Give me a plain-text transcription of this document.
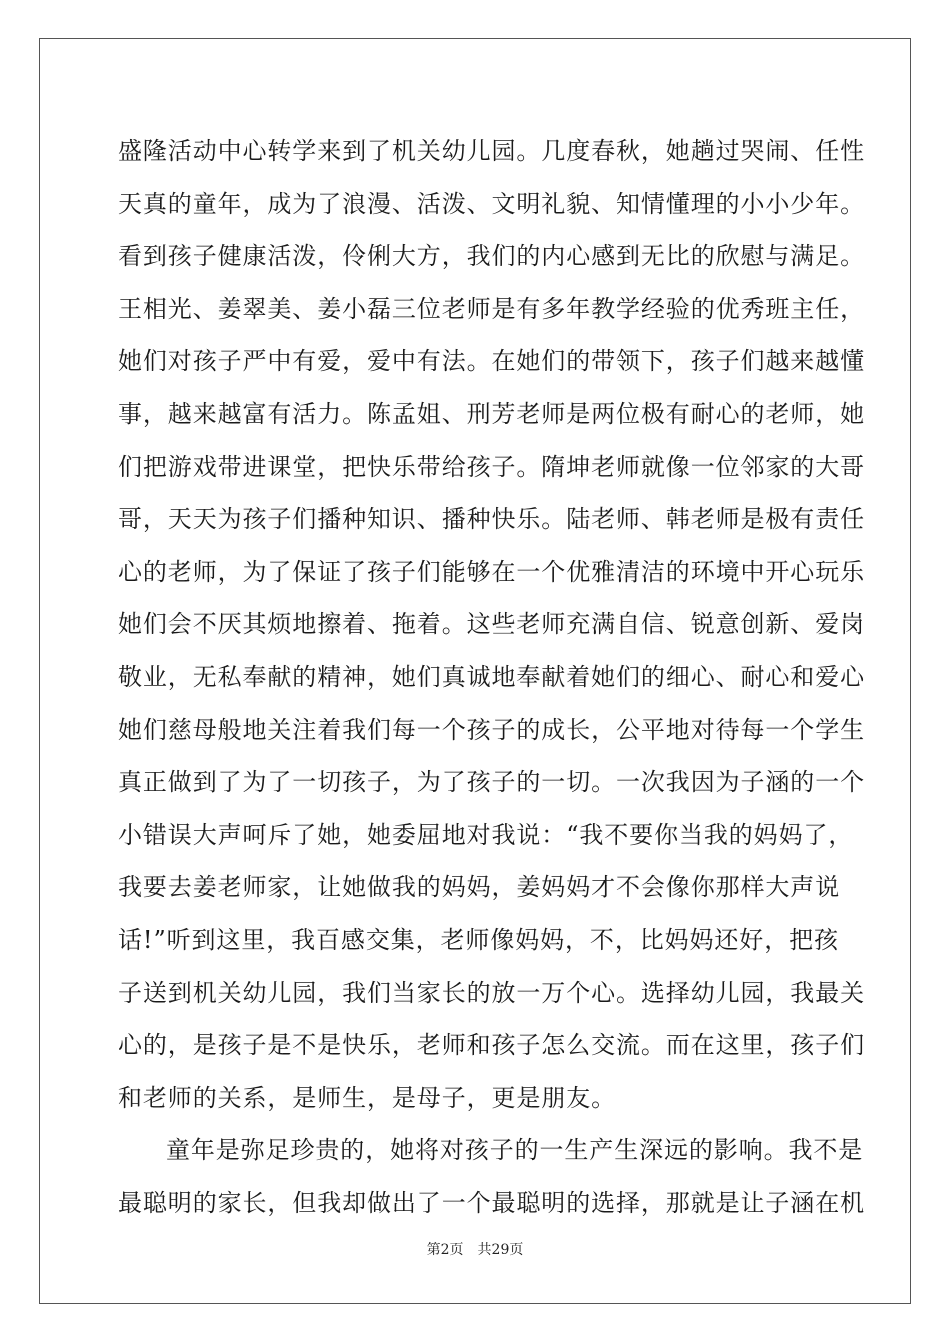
盛隆活动中心转学来到了机关幼儿园。几度春秋，她趟过哭闹、任性
天真的童年，成为了浪漫、活泼、文明礼貌、知情懂理的小小少年。
看到孩子健康活泼，伶俐大方，我们的内心感到无比的欣慰与满足。
王相光、姜翠美、姜小磊三位老师是有多年教学经验的优秀班主任，
她们对孩子严中有爱，爱中有法。在她们的带领下，孩子们越来越懂
事，越来越富有活力。陈孟姐、刑芳老师是两位极有耐心的老师，她
们把游戏带进课堂，把快乐带给孩子。隋坤老师就像一位邻家的大哥
哥，天天为孩子们播种知识、播种快乐。陆老师、韩老师是极有责任
心的老师，为了保证了孩子们能够在一个优雅清洁的环境中开心玩乐
她们会不厌其烦地擦着、拖着。这些老师充满自信、锐意创新、爱岗
敬业，无私奉献的精神，她们真诚地奉献着她们的细心、耐心和爱心
她们慈母般地关注着我们每一个孩子的成长，公平地对待每一个学生
真正做到了为了一切孩子，为了孩子的一切。一次我因为子涵的一个
小错误大声呵斥了她，她委屈地对我说：“我不要你当我的妈妈了，
我要去姜老师家，让她做我的妈妈，姜妈妈才不会像你那样大声说
话!”听到这里，我百感交集，老师像妈妈，不，比妈妈还好，把孩
子送到机关幼儿园，我们当家长的放一万个心。选择幼儿园，我最关
心的，是孩子是不是快乐，老师和孩子怎么交流。而在这里，孩子们
和老师的关系，是师生，是母子，更是朋友。
童年是弥足珍贵的，她将对孩子的一生产生深远的影响。我不是
最聪明的家长，但我却做出了一个最聪明的选择，那就是让子涵在机
第2页 共29页
